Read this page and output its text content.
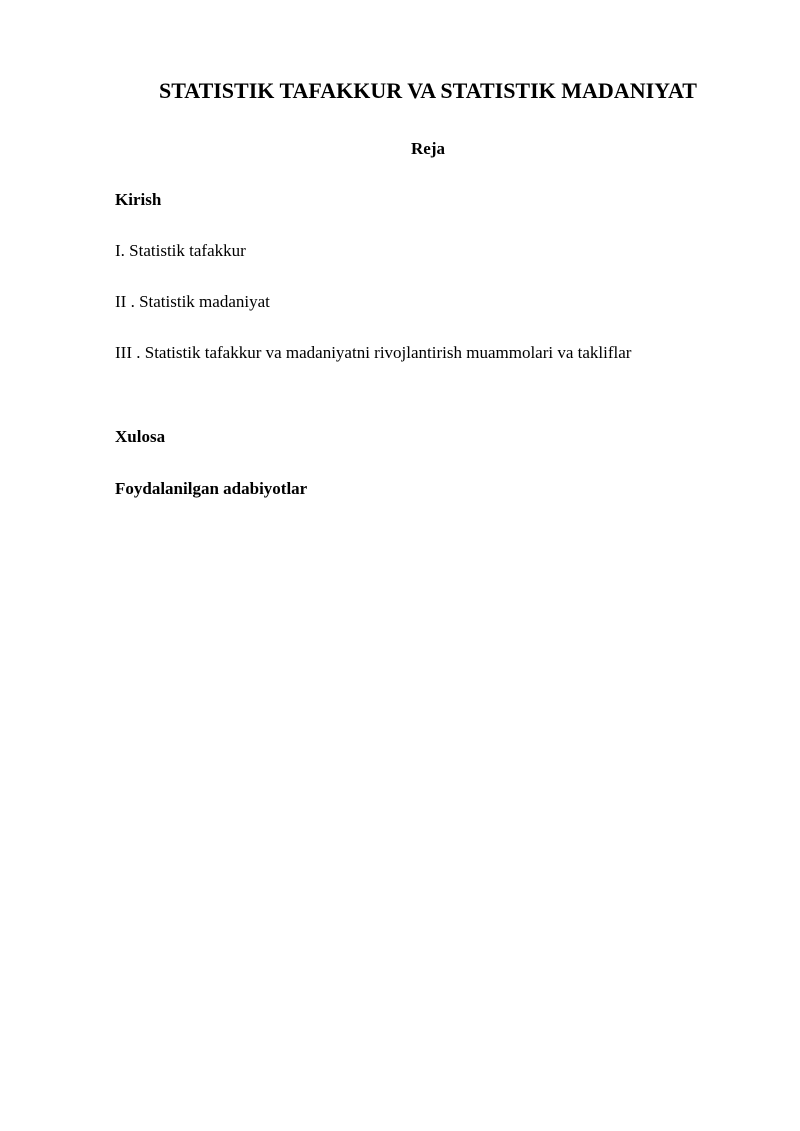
STATISTIK TAFAKKUR VA STATISTIK MADANIYAT
Reja
Kirish
I. Statistik tafakkur
II . Statistik madaniyat
III . Statistik tafakkur va madaniyatni rivojlantirish muammolari va takliflar
Xulosa
Foydalanilgan adabiyotlar
